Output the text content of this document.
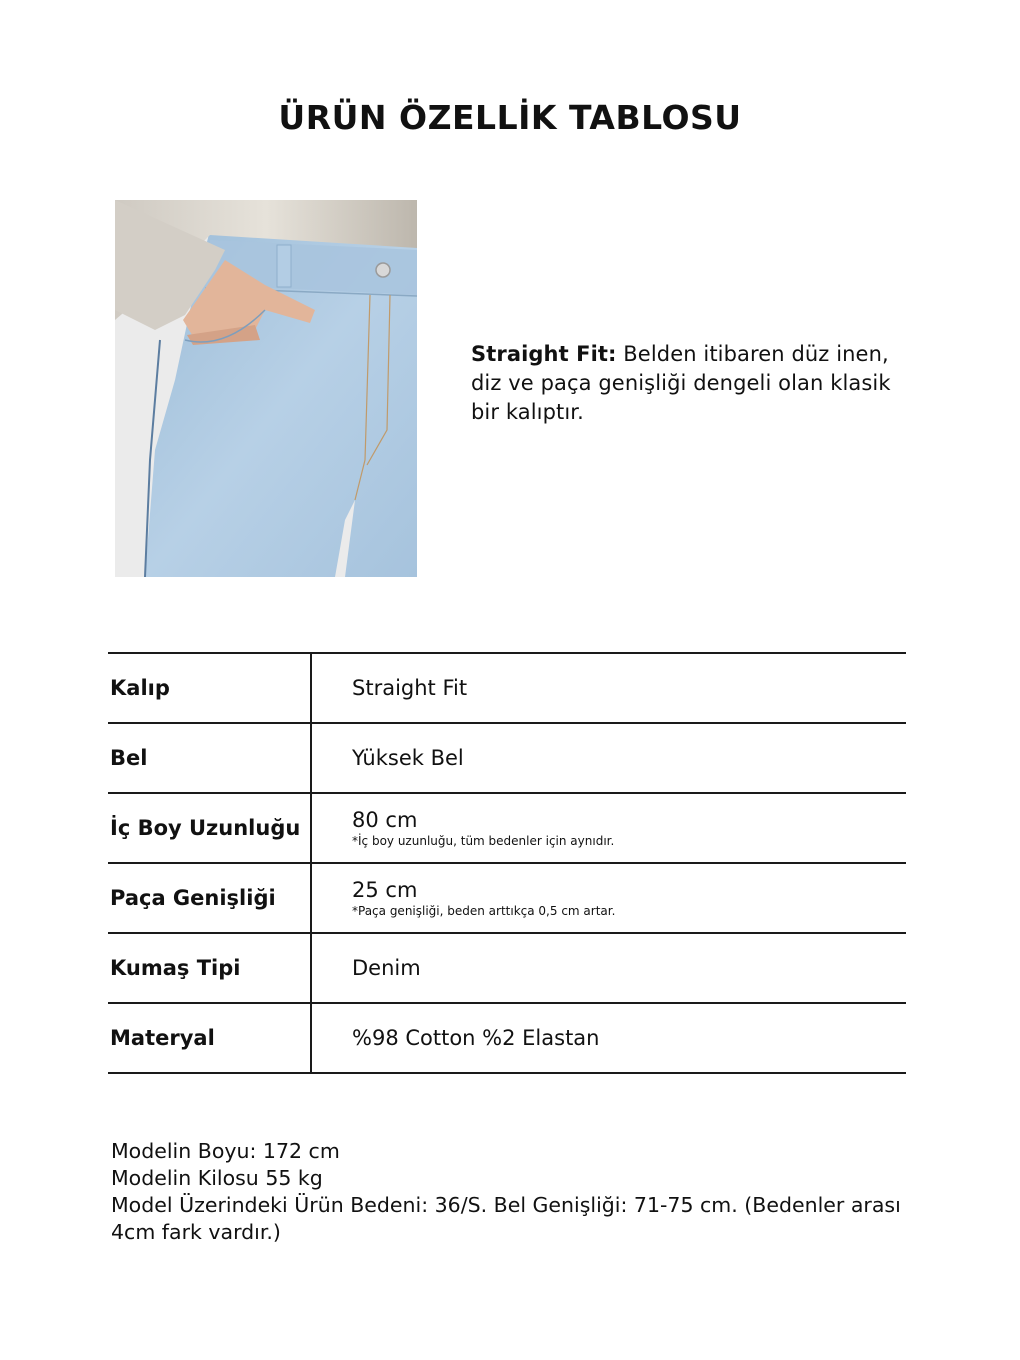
ÜRÜN ÖZELLİK TABLOSU
Straight Fit: Belden itibaren düz inen, diz ve paça genişliği dengeli olan klasik bir kalıptır.
Kalıp	Straight Fit

Bel	Yüksek Bel

İç Boy Uzunluğu	80 cm
*İç boy uzunluğu, tüm bedenler için aynıdır.

Paça Genişliği	25 cm
*Paça genişliği, beden arttıkça 0,5 cm artar.

Kumaş Tipi	Denim

Materyal	%98 Cotton %2 Elastan
Modelin Boyu: 172 cm
Modelin Kilosu 55 kg
Model Üzerindeki Ürün Bedeni: 36/S. Bel Genişliği: 71-75 cm. (Bedenler arası 4cm fark vardır.)
